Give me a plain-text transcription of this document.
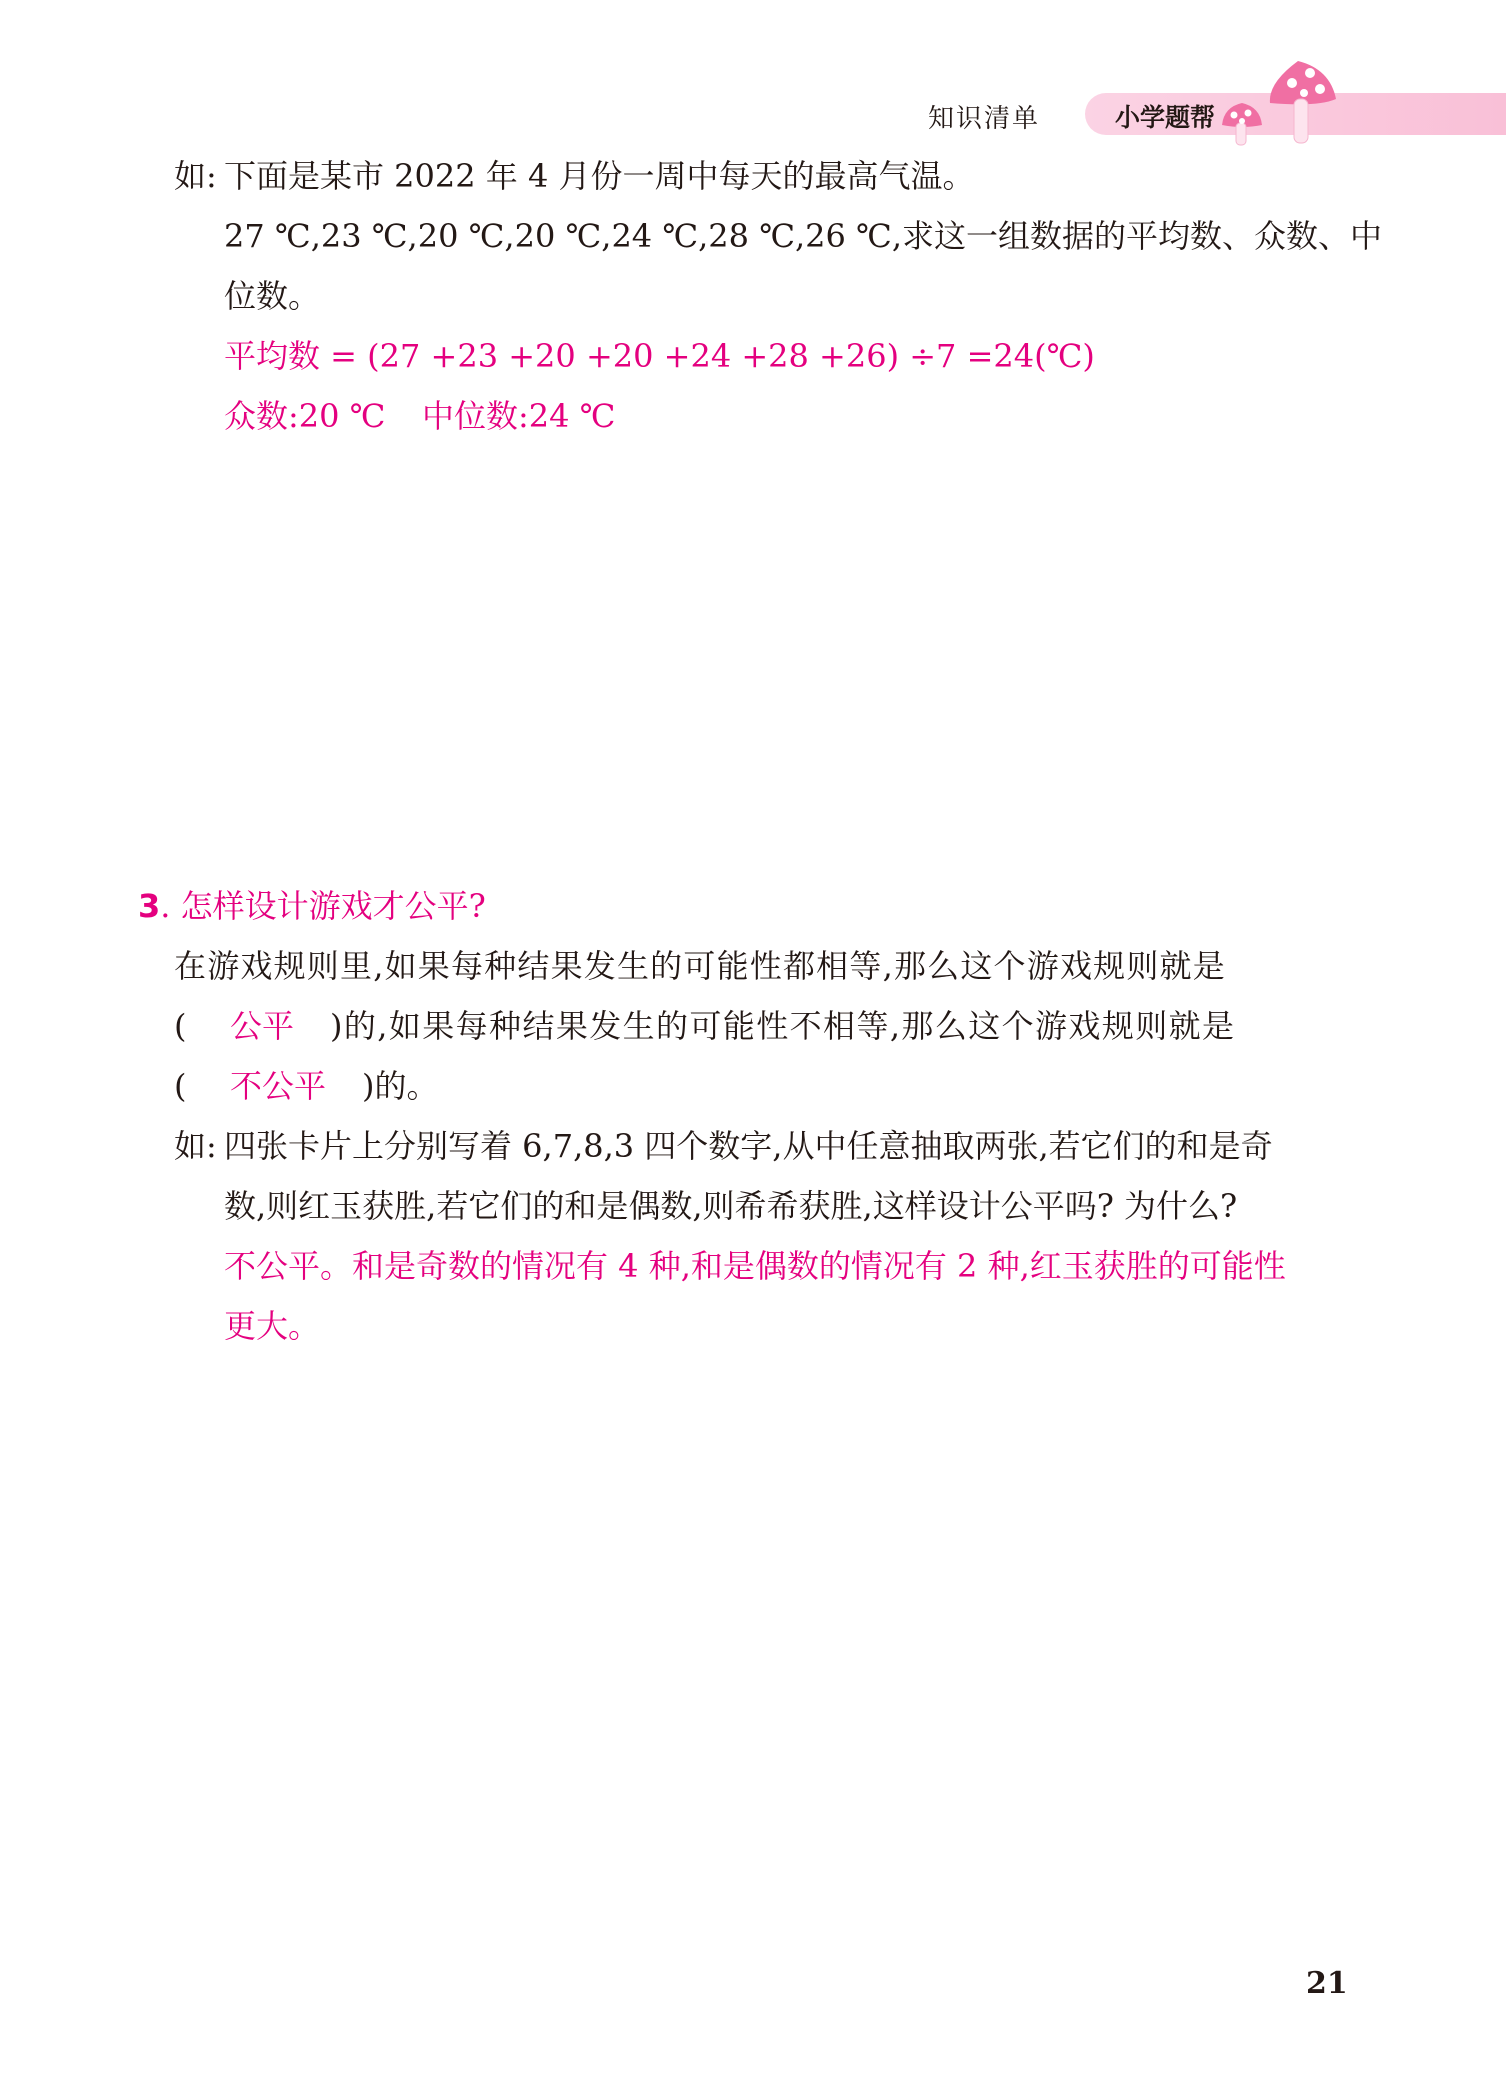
知识清单	小学题帮
如: 下面是某市 2022 年 4 月份一周中每天的最高气温。
27 ℃,23 ℃,20 ℃,20 ℃,24 ℃,28 ℃,26 ℃,求这一组数据的平均数、众数、中
位数。
平均数 = (27 +23 +20 +20 +24 +28 +26) ÷7 =24(℃)
众数:20 ℃ 中位数:24 ℃
3. 怎样设计游戏才公平?
在游戏规则里,如果每种结果发生的可能性都相等,那么这个游戏规则就是
( 公平 )的,如果每种结果发生的可能性不相等,那么这个游戏规则就是
( 不公平 )的。
如: 四张卡片上分别写着 6,7,8,3 四个数字,从中任意抽取两张,若它们的和是奇
数,则红玉获胜,若它们的和是偶数,则希希获胜,这样设计公平吗? 为什么?
不公平。和是奇数的情况有 4 种,和是偶数的情况有 2 种,红玉获胜的可能性
更大。
21
